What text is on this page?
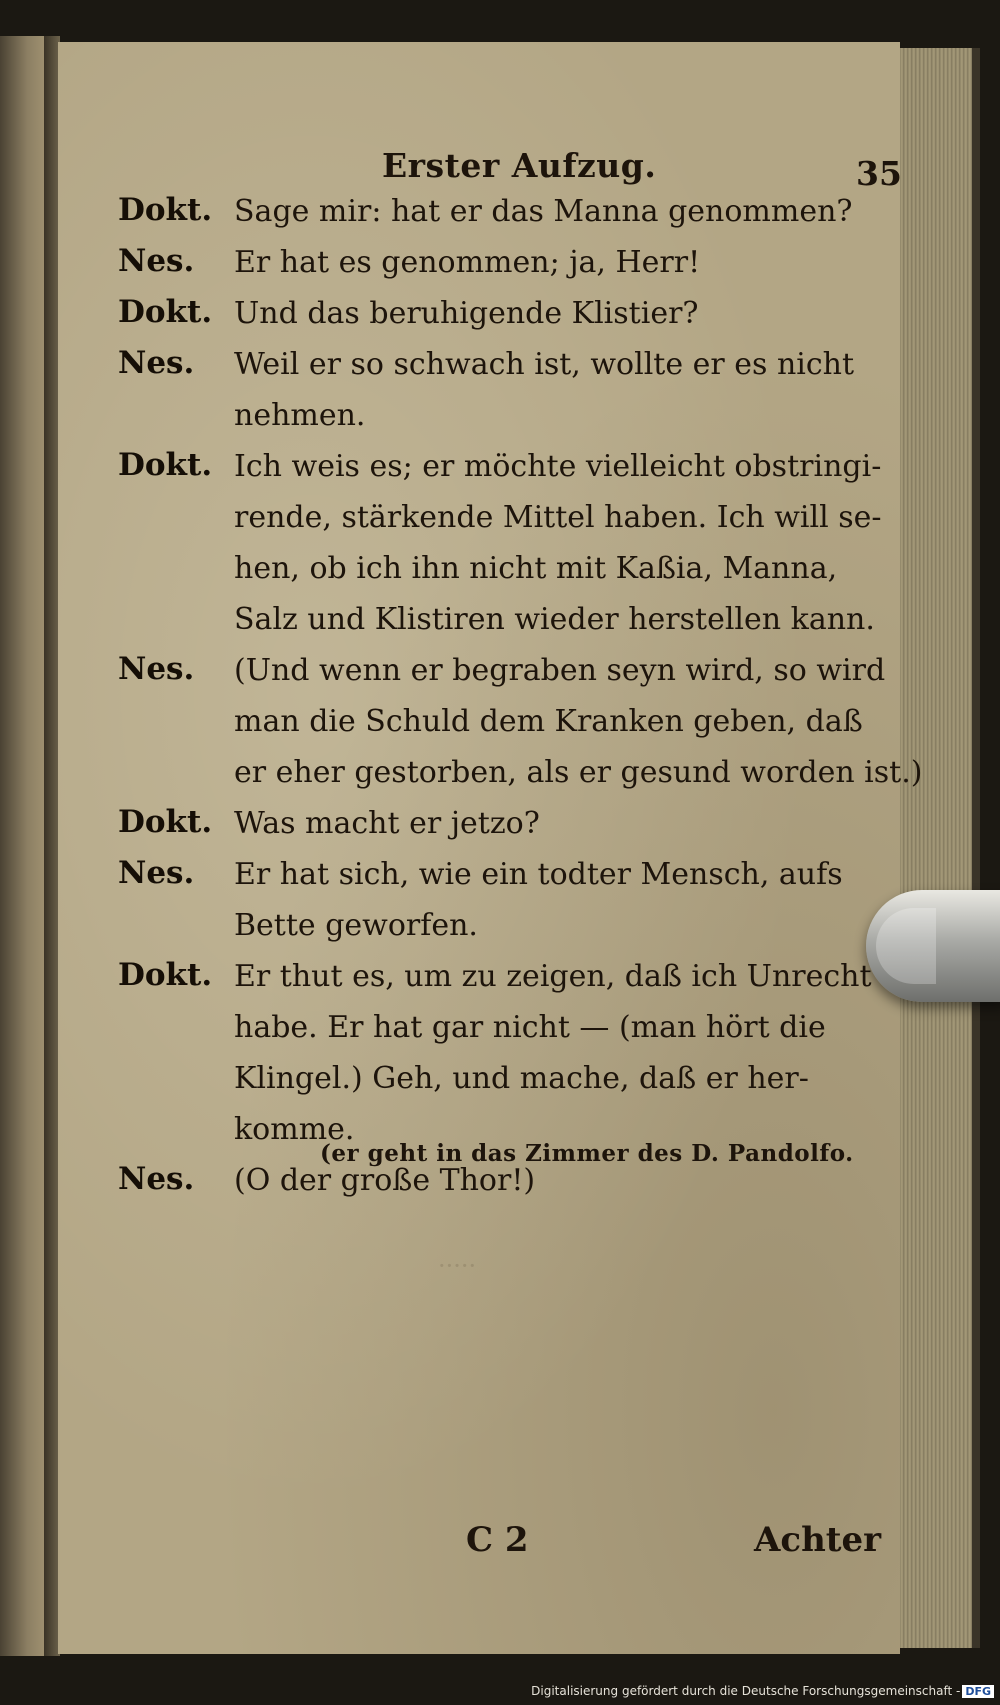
·····
Erster Aufzug.	35
Dokt. Sage mir: hat er das Manna genommen?
Nes. Er hat es genommen; ja, Herr!
Dokt. Und das beruhigende Klistier?
Nes. Weil er so schwach ist, wollte er es nicht
nehmen.
Dokt. Ich weis es; er möchte vielleicht obstringi-
rende, stärkende Mittel haben. Ich will se-
hen, ob ich ihn nicht mit Kaßia, Manna,
Salz und Klistiren wieder herstellen kann.
Nes. (Und wenn er begraben seyn wird, so wird
man die Schuld dem Kranken geben, daß
er eher gestorben, als er gesund worden ist.)
Dokt. Was macht er jetzo?
Nes. Er hat sich, wie ein todter Mensch, aufs
Bette geworfen.
Dokt. Er thut es, um zu zeigen, daß ich Unrecht
habe. Er hat gar nicht — (man hört die
Klingel.) Geh, und mache, daß er her-
komme.
Nes. (O der große Thor!)
(er geht in das Zimmer des D. Pandolfo.
C 2	Achter
Digitalisierung gefördert durch die Deutsche Forschungsgemeinschaft - DFG
